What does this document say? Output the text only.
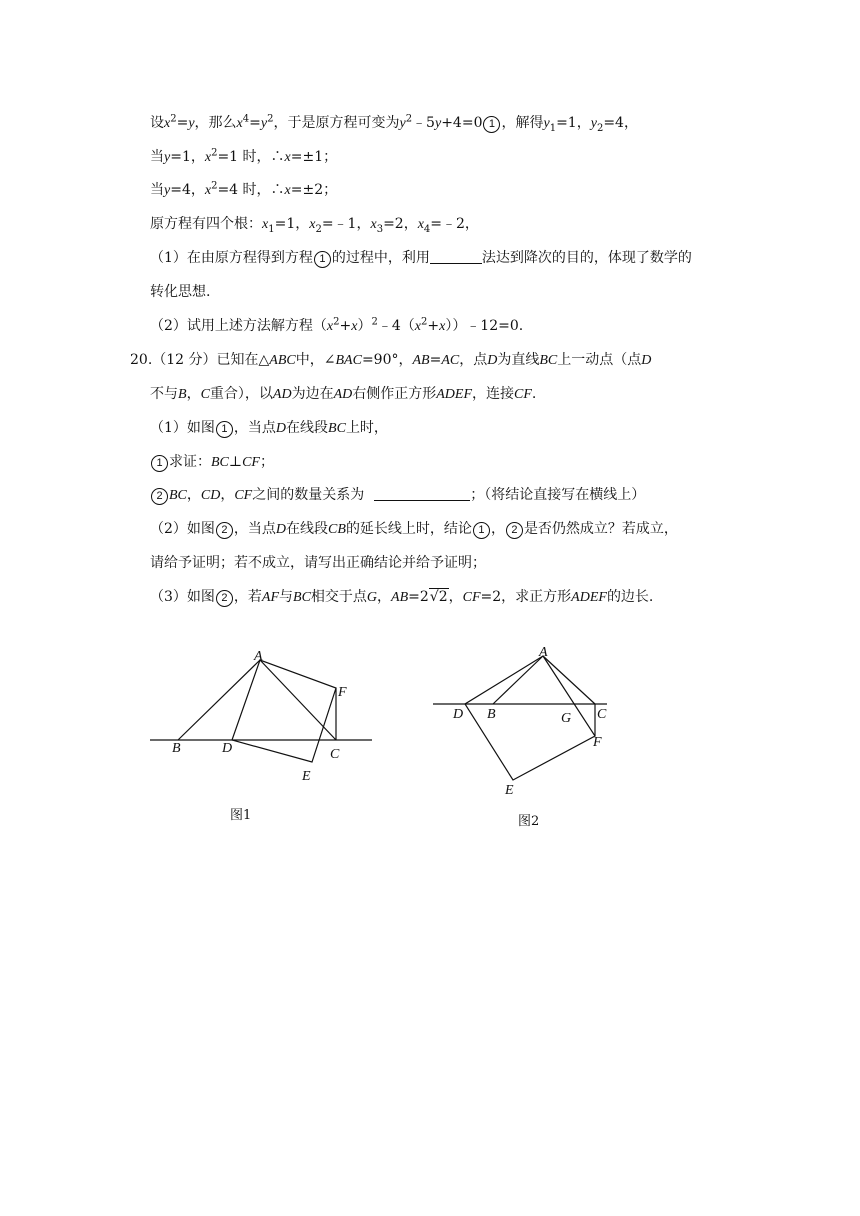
设$x^2=y$，那么$x^4=y^2$，于是原方程可变为$y^2﹣5y+4=0$ 1 ，解得$y_1=1$，$y_2=4$，
当y=1，$x^2=1$ 时，∴x=±1；
当y=4，$x^2=4$ 时，∴x=±2；
原方程有四个根：$x_1=1$，$x_2=﹣1$，$x_3=2$，$x_4=﹣2$，
（1）在由原方程得到方程 1 的过程中，利用	法达到降次的目的，体现了数学的
转化思想.
（2）试用上述方法解方程$(x^2+x)^2﹣4(x^2+x))﹣12=0$.
20.（12 分）已知在△ABC中，∠BAC=90°，AB=AC，点D为直线BC上一动点（点D
不与B，C重合），以AD为边在AD右侧作正方形ADEF，连接CF.
（1）如图 1 ，当点D在线段BC上时，
1 求证：BC⊥CF；
2 BC，CD，CF之间的数量关系为	；（将结论直接写在横线上）
（2）如图 2 ，当点D在线段CB的延长线上时，结论 1 ， 2 是否仍然成立？若成立，
请给予证明；若不成立，请写出正确结论并给予证明；
（3）如图 2 ，若AF与BC相交于点G，AB=2√2，CF=2，求正方形ADEF的边长.
A
B	D	C
F
E
图1
A
D B	G C
F
E
图2
